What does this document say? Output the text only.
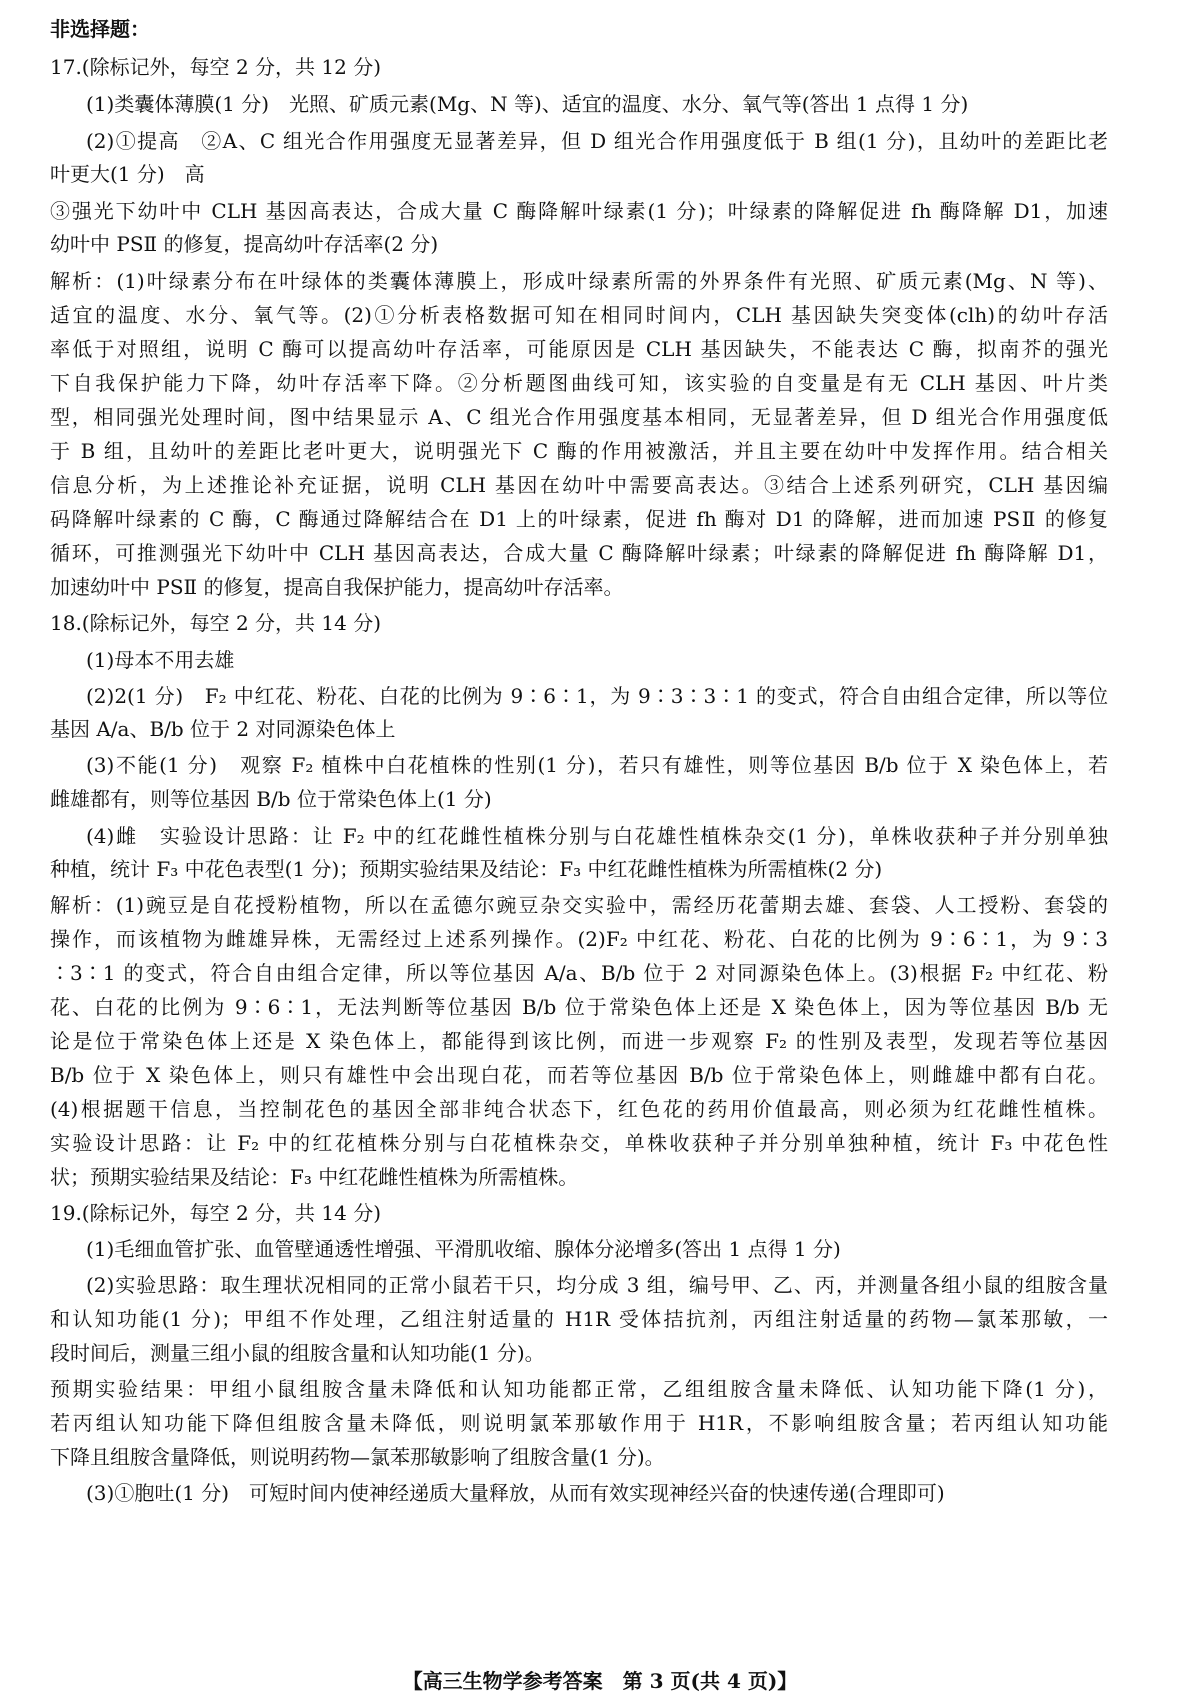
非选择题：
17.(除标记外，每空 2 分，共 12 分)
(1)类囊体薄膜(1 分)　光照、矿质元素(Mg、N 等)、适宜的温度、水分、氧气等(答出 1 点得 1 分)
(2)①提高　②A、C 组光合作用强度无显著差异，但 D 组光合作用强度低于 B 组(1 分)，且幼叶的差距比老
叶更大(1 分)　高
③强光下幼叶中 CLH 基因高表达，合成大量 C 酶降解叶绿素(1 分)；叶绿素的降解促进 fh 酶降解 D1，加速
幼叶中 PSⅡ 的修复，提高幼叶存活率(2 分)
解析：(1)叶绿素分布在叶绿体的类囊体薄膜上，形成叶绿素所需的外界条件有光照、矿质元素(Mg、N 等)、
适宜的温度、水分、氧气等。(2)①分析表格数据可知在相同时间内，CLH 基因缺失突变体(clh)的幼叶存活
率低于对照组，说明 C 酶可以提高幼叶存活率，可能原因是 CLH 基因缺失，不能表达 C 酶，拟南芥的强光
下自我保护能力下降，幼叶存活率下降。②分析题图曲线可知，该实验的自变量是有无 CLH 基因、叶片类
型，相同强光处理时间，图中结果显示 A、C 组光合作用强度基本相同，无显著差异，但 D 组光合作用强度低
于 B 组，且幼叶的差距比老叶更大，说明强光下 C 酶的作用被激活，并且主要在幼叶中发挥作用。结合相关
信息分析，为上述推论补充证据，说明 CLH 基因在幼叶中需要高表达。③结合上述系列研究，CLH 基因编
码降解叶绿素的 C 酶，C 酶通过降解结合在 D1 上的叶绿素，促进 fh 酶对 D1 的降解，进而加速 PSⅡ 的修复
循环，可推测强光下幼叶中 CLH 基因高表达，合成大量 C 酶降解叶绿素；叶绿素的降解促进 fh 酶降解 D1，
加速幼叶中 PSⅡ 的修复，提高自我保护能力，提高幼叶存活率。
18.(除标记外，每空 2 分，共 14 分)
(1)母本不用去雄
(2)2(1 分)　F₂ 中红花、粉花、白花的比例为 9∶6∶1，为 9∶3∶3∶1 的变式，符合自由组合定律，所以等位
基因 A/a、B/b 位于 2 对同源染色体上
(3)不能(1 分)　观察 F₂ 植株中白花植株的性别(1 分)，若只有雄性，则等位基因 B/b 位于 X 染色体上，若
雌雄都有，则等位基因 B/b 位于常染色体上(1 分)
(4)雌　实验设计思路：让 F₂ 中的红花雌性植株分别与白花雄性植株杂交(1 分)，单株收获种子并分别单独
种植，统计 F₃ 中花色表型(1 分)；预期实验结果及结论：F₃ 中红花雌性植株为所需植株(2 分)
解析：(1)豌豆是自花授粉植物，所以在孟德尔豌豆杂交实验中，需经历花蕾期去雄、套袋、人工授粉、套袋的
操作，而该植物为雌雄异株，无需经过上述系列操作。(2)F₂ 中红花、粉花、白花的比例为 9∶6∶1，为 9∶3
∶3∶1 的变式，符合自由组合定律，所以等位基因 A/a、B/b 位于 2 对同源染色体上。(3)根据 F₂ 中红花、粉
花、白花的比例为 9∶6∶1，无法判断等位基因 B/b 位于常染色体上还是 X 染色体上，因为等位基因 B/b 无
论是位于常染色体上还是 X 染色体上，都能得到该比例，而进一步观察 F₂ 的性别及表型，发现若等位基因
B/b 位于 X 染色体上，则只有雄性中会出现白花，而若等位基因 B/b 位于常染色体上，则雌雄中都有白花。
(4)根据题干信息，当控制花色的基因全部非纯合状态下，红色花的药用价值最高，则必须为红花雌性植株。
实验设计思路：让 F₂ 中的红花植株分别与白花植株杂交，单株收获种子并分别单独种植，统计 F₃ 中花色性
状；预期实验结果及结论：F₃ 中红花雌性植株为所需植株。
19.(除标记外，每空 2 分，共 14 分)
(1)毛细血管扩张、血管壁通透性增强、平滑肌收缩、腺体分泌增多(答出 1 点得 1 分)
(2)实验思路：取生理状况相同的正常小鼠若干只，均分成 3 组，编号甲、乙、丙，并测量各组小鼠的组胺含量
和认知功能(1 分)；甲组不作处理，乙组注射适量的 H1R 受体拮抗剂，丙组注射适量的药物—氯苯那敏，一
段时间后，测量三组小鼠的组胺含量和认知功能(1 分)。
预期实验结果：甲组小鼠组胺含量未降低和认知功能都正常，乙组组胺含量未降低、认知功能下降(1 分)，
若丙组认知功能下降但组胺含量未降低，则说明氯苯那敏作用于 H1R，不影响组胺含量；若丙组认知功能
下降且组胺含量降低，则说明药物—氯苯那敏影响了组胺含量(1 分)。
(3)①胞吐(1 分)　可短时间内使神经递质大量释放，从而有效实现神经兴奋的快速传递(合理即可)
【高三生物学参考答案　第 3 页(共 4 页)】
